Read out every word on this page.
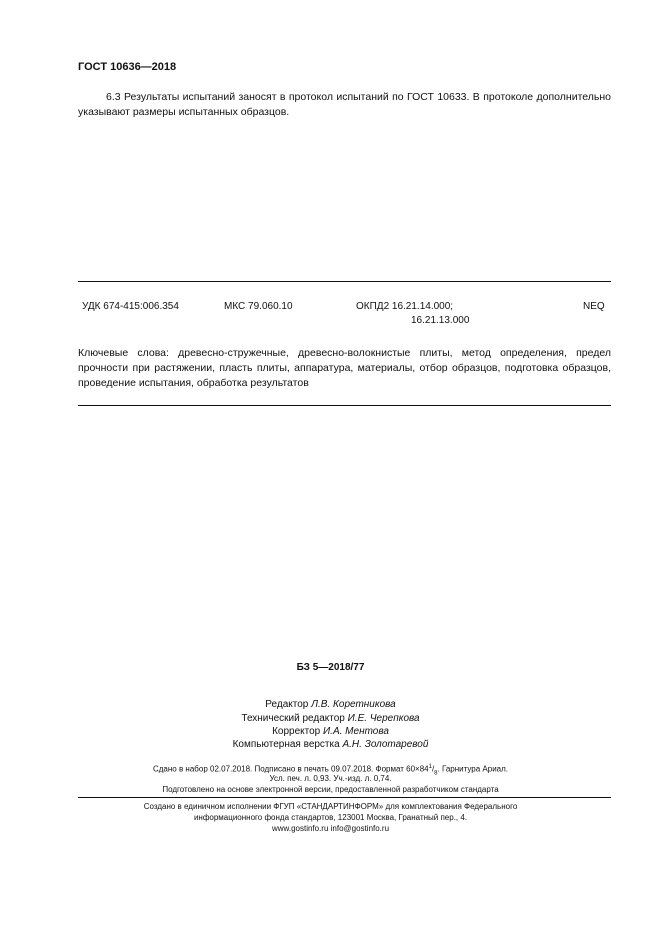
ГОСТ 10636—2018
6.3 Результаты испытаний заносят в протокол испытаний по ГОСТ 10633. В протоколе дополнительно указывают размеры испытанных образцов.
УДК 674-415:006.354	МКС 79.060.10	ОКПД2 16.21.14.000;
16.21.13.000
NEQ
Ключевые слова: древесно-стружечные, древесно-волокнистые плиты, метод определения, предел прочности при растяжении, пласть плиты, аппаратура, материалы, отбор образцов, подготовка образцов, проведение испытания, обработка результатов
БЗ 5—2018/77
Редактор Л.В. Коретникова
Технический редактор И.Е. Черепкова
Корректор И.А. Ментова
Компьютерная верстка А.Н. Золотаревой
Сдано в набор 02.07.2018. Подписано в печать 09.07.2018. Формат $60\times 84^1/_8$. Гарнитура Ариал.
Усл. печ. л. 0,93. Уч.-изд. л. 0,74.
Подготовлено на основе электронной версии, предоставленной разработчиком стандарта
Создано в единичном исполнении ФГУП «СТАНДАРТИНФОРМ» для комплектования Федерального
информационного фонда стандартов, 123001 Москва, Гранатный пер., 4.
www.gostinfo.ru info@gostinfo.ru
